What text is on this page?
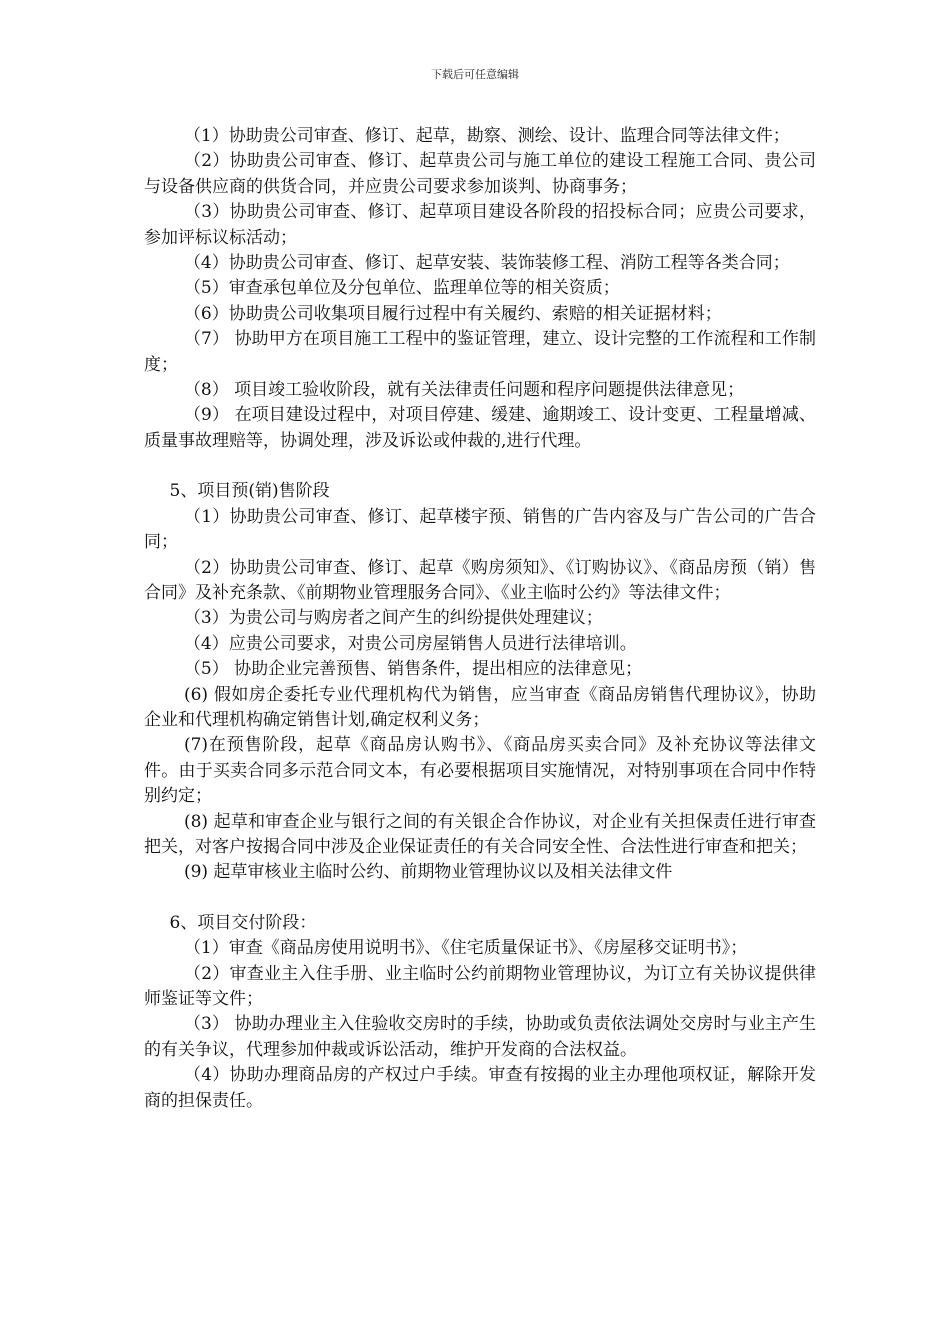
下载后可任意编辑

（1）协助贵公司审查、修订、起草，勘察、测绘、设计、监理合同等法律文件；

（2）协助贵公司审查、修订、起草贵公司与施工单位的建设工程施工合同、贵公司与设备供应商的供货合同，并应贵公司要求参加谈判、协商事务；

（3）协助贵公司审查、修订、起草项目建设各阶段的招投标合同；应贵公司要求，参加评标议标活动；

（4）协助贵公司审查、修订、起草安装、装饰装修工程、消防工程等各类合同；

（5）审查承包单位及分包单位、监理单位等的相关资质；

（6）协助贵公司收集项目履行过程中有关履约、索赔的相关证据材料；

（7） 协助甲方在项目施工工程中的鉴证管理，建立、设计完整的工作流程和工作制度；

（8） 项目竣工验收阶段，就有关法律责任问题和程序问题提供法律意见；

（9） 在项目建设过程中，对项目停建、缓建、逾期竣工、设计变更、工程量增减、质量事故理赔等，协调处理，涉及诉讼或仲裁的,进行代理。

5、项目预(销)售阶段

（1）协助贵公司审查、修订、起草楼宇预、销售的广告内容及与广告公司的广告合同；

（2）协助贵公司审查、修订、起草《购房须知》、《订购协议》、《商品房预（销）售合同》及补充条款、《前期物业管理服务合同》、《业主临时公约》等法律文件；

（3）为贵公司与购房者之间产生的纠纷提供处理建议；

（4）应贵公司要求，对贵公司房屋销售人员进行法律培训。

（5） 协助企业完善预售、销售条件，提出相应的法律意见；

(6) 假如房企委托专业代理机构代为销售，应当审查《商品房销售代理协议》，协助企业和代理机构确定销售计划,确定权利义务；

(7)在预售阶段，起草《商品房认购书》、《商品房买卖合同》及补充协议等法律文件。由于买卖合同多示范合同文本，有必要根据项目实施情况，对特别事项在合同中作特别约定；

(8) 起草和审查企业与银行之间的有关银企合作协议，对企业有关担保责任进行审查把关，对客户按揭合同中涉及企业保证责任的有关合同安全性、合法性进行审查和把关；

(9) 起草审核业主临时公约、前期物业管理协议以及相关法律文件

6、项目交付阶段：

（1）审查《商品房使用说明书》、《住宅质量保证书》、《房屋移交证明书》；

（2）审查业主入住手册、业主临时公约前期物业管理协议，为订立有关协议提供律师鉴证等文件；

（3） 协助办理业主入住验收交房时的手续，协助或负责依法调处交房时与业主产生的有关争议，代理参加仲裁或诉讼活动，维护开发商的合法权益。

（4）协助办理商品房的产权过户手续。审查有按揭的业主办理他项权证，解除开发商的担保责任。
